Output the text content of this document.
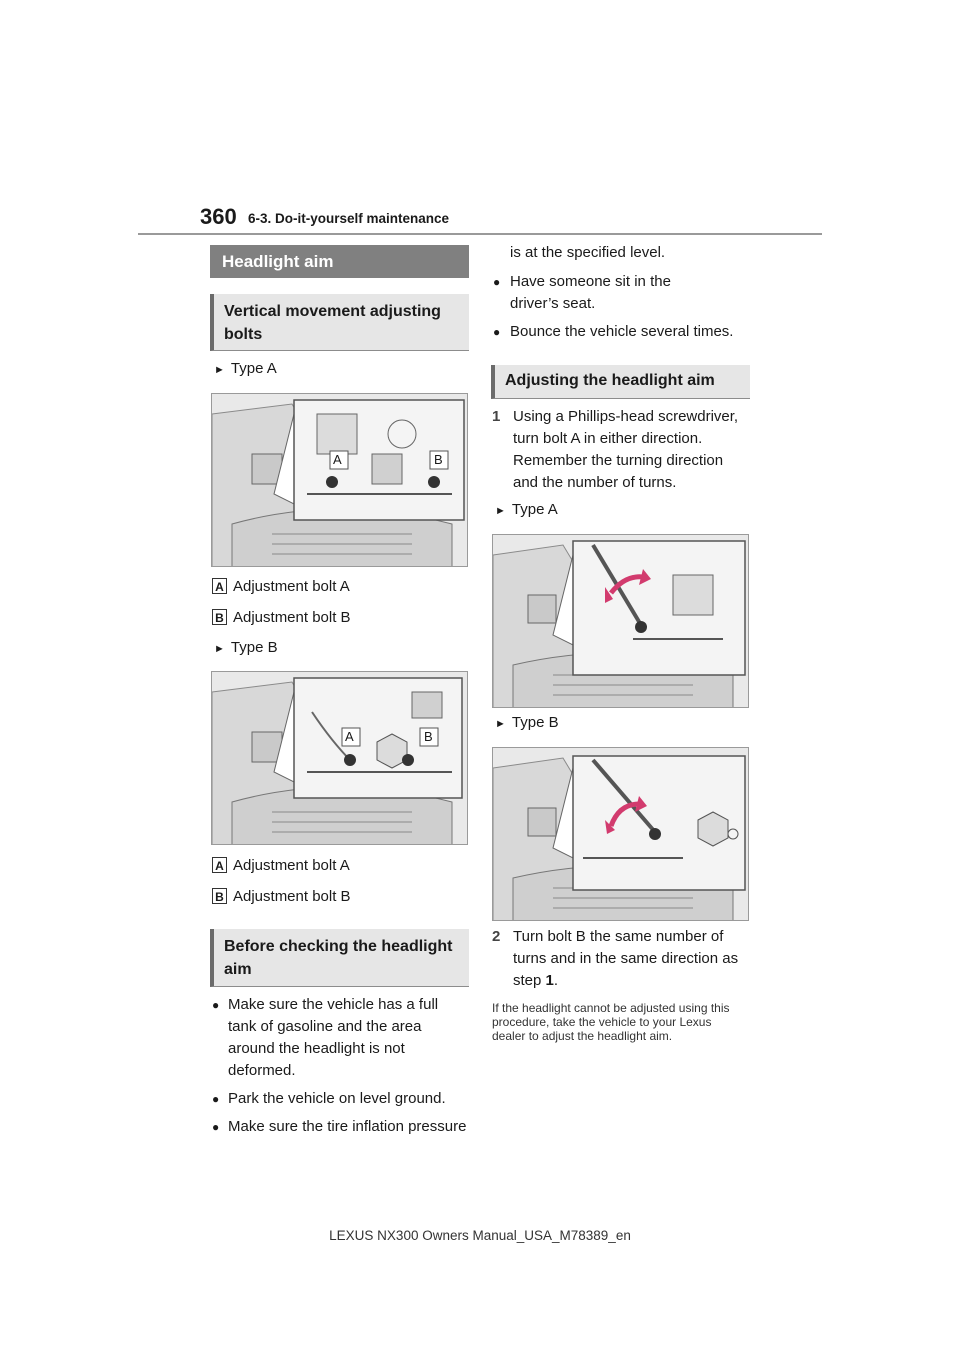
360 6-3. Do-it-yourself maintenance
Headlight aim
Vertical movement adjusting bolts
► Type A
A	B
A Adjustment bolt A
B Adjustment bolt B
► Type B
A	B
A Adjustment bolt A
B Adjustment bolt B
Before checking the headlight aim
● Make sure the vehicle has a full tank of gasoline and the area around the headlight is not deformed.
● Park the vehicle on level ground.
● Make sure the tire inflation pressure
is at the specified level.
● Have someone sit in the driver’s seat.
● Bounce the vehicle several times.
Adjusting the headlight aim
1 Using a Phillips-head screwdriver, turn bolt A in either direction. Remember the turning direction and the number of turns.
► Type A
► Type B
2 Turn bolt B the same number of turns and in the same direction as step 1.
If the headlight cannot be adjusted using this procedure, take the vehicle to your Lexus dealer to adjust the headlight aim.
LEXUS NX300 Owners Manual_USA_M78389_en
